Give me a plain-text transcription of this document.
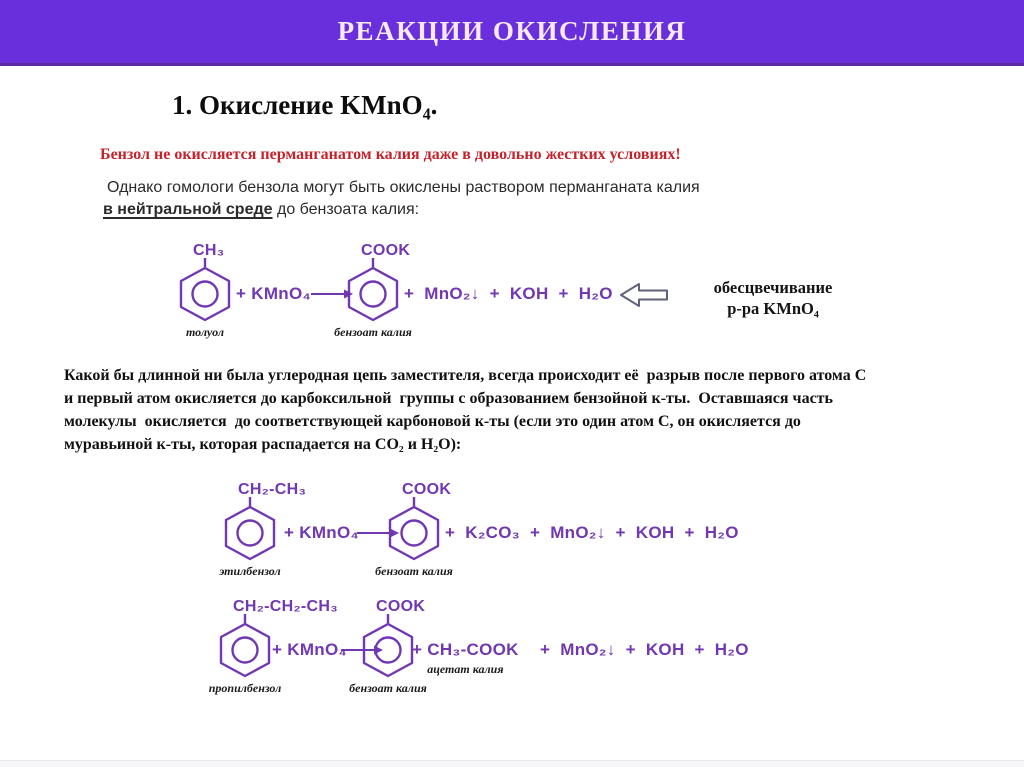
РЕАКЦИИ ОКИСЛЕНИЯ
1. Окисление KMnO₄.
Бензол не окисляется перманганатом калия даже в довольно жестких условиях!
Однако гомологи бензола могут быть окислены раствором перманганата калия
в нейтральной среде до бензоата калия:
CH₃
толуол
+ KMnO₄ →
COOK
бензоат калия
+ MnO₂↓ + KOH + H₂O	обесцвечивание
р-ра KMnO₄
Какой бы длинной ни была углеродная цепь заместителя, всегда происходит её  разрыв после первого атома С
и первый атом окисляется до карбоксильной  группы с образованием бензойной к-ты.  Оставшаяся часть
молекулы  окисляется  до соответствующей карбоновой к-ты (если это один атом С, он окисляется до
муравьиной к-ты, которая распадается на СО₂ и Н₂О):
CH₂-CH₃
этилбензол
+ KMnO₄
COOK
бензоат калия
+ K₂CO₃ + MnO₂↓ + KOH + H₂O
CH₂-CH₂-CH₃
пропилбензол
+ KMnO₄
COOK
бензоат калия
+ CH₃-COOK
ацетат калия
+ MnO₂↓ + KOH + H₂O
